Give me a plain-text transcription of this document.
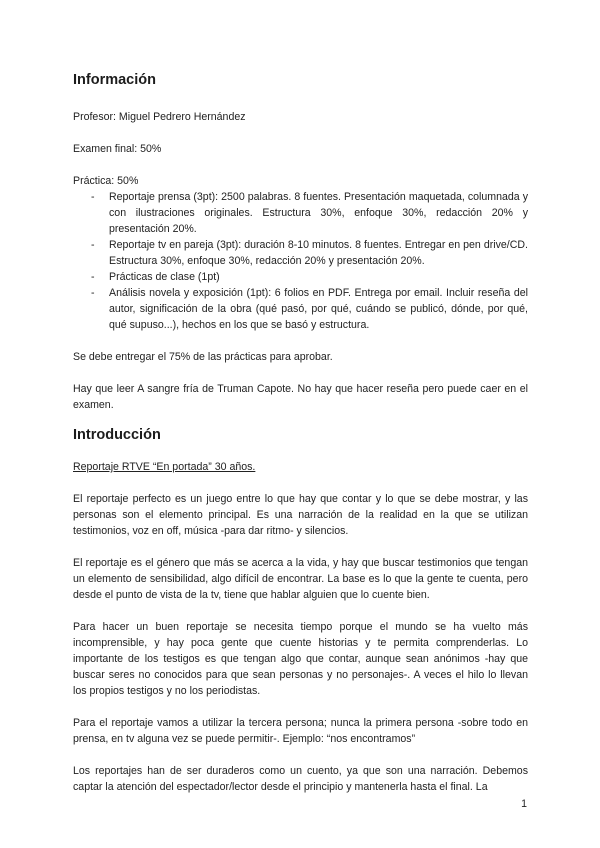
Información

Profesor: Miguel Pedrero Hernández

Examen final: 50%

Práctica: 50%

- Reportaje prensa (3pt): 2500 palabras. 8 fuentes. Presentación maquetada, columnada y con ilustraciones originales. Estructura 30%, enfoque 30%, redacción 20% y presentación 20%.
- Reportaje tv en pareja (3pt): duración 8-10 minutos. 8 fuentes. Entregar en pen drive/CD. Estructura 30%, enfoque 30%, redacción 20% y presentación 20%.
- Prácticas de clase (1pt)
- Análisis novela y exposición (1pt): 6 folios en PDF. Entrega por email. Incluir reseña del autor, significación de la obra (qué pasó, por qué, cuándo se publicó, dónde, por qué, qué supuso...), hechos en los que se basó y estructura.

Se debe entregar el 75% de las prácticas para aprobar.

Hay que leer A sangre fría de Truman Capote. No hay que hacer reseña pero puede caer en el examen.

Introducción

Reportaje RTVE “En portada” 30 años.

El reportaje perfecto es un juego entre lo que hay que contar y lo que se debe mostrar, y las personas son el elemento principal. Es una narración de la realidad en la que se utilizan testimonios, voz en off, música -para dar ritmo- y silencios.

El reportaje es el género que más se acerca a la vida, y hay que buscar testimonios que tengan un elemento de sensibilidad, algo difícil de encontrar. La base es lo que la gente te cuenta, pero desde el punto de vista de la tv, tiene que hablar alguien que lo cuente bien.

Para hacer un buen reportaje se necesita tiempo porque el mundo se ha vuelto más incomprensible, y hay poca gente que cuente historias y te permita comprenderlas. Lo importante de los testigos es que tengan algo que contar, aunque sean anónimos -hay que buscar seres no conocidos para que sean personas y no personajes-. A veces el hilo lo llevan los propios testigos y no los periodistas.

Para el reportaje vamos a utilizar la tercera persona; nunca la primera persona -sobre todo en prensa, en tv alguna vez se puede permitir-. Ejemplo: “nos encontramos”

Los reportajes han de ser duraderos como un cuento, ya que son una narración. Debemos captar la atención del espectador/lector desde el principio y mantenerla hasta el final. La

1
